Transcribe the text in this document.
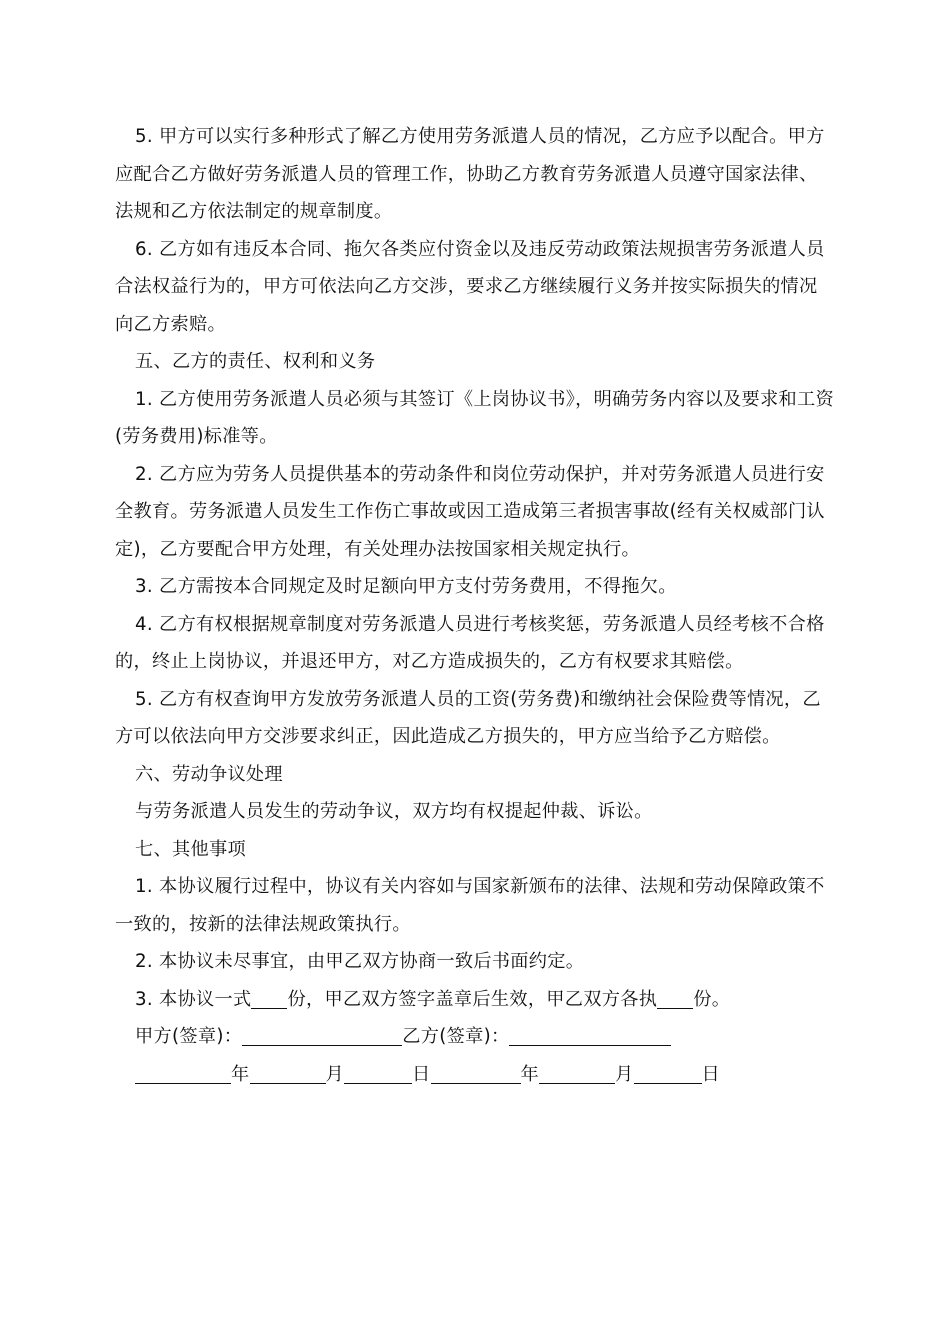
5. 甲方可以实行多种形式了解乙方使用劳务派遣人员的情况，乙方应予以配合。甲方应配合乙方做好劳务派遣人员的管理工作，协助乙方教育劳务派遣人员遵守国家法律、法规和乙方依法制定的规章制度。

6. 乙方如有违反本合同、拖欠各类应付资金以及违反劳动政策法规损害劳务派遣人员合法权益行为的，甲方可依法向乙方交涉，要求乙方继续履行义务并按实际损失的情况向乙方索赔。

五、乙方的责任、权利和义务

1. 乙方使用劳务派遣人员必须与其签订《上岗协议书》，明确劳务内容以及要求和工资(劳务费用)标准等。

2. 乙方应为劳务人员提供基本的劳动条件和岗位劳动保护，并对劳务派遣人员进行安全教育。劳务派遣人员发生工作伤亡事故或因工造成第三者损害事故(经有关权威部门认定)，乙方要配合甲方处理，有关处理办法按国家相关规定执行。

3. 乙方需按本合同规定及时足额向甲方支付劳务费用，不得拖欠。

4. 乙方有权根据规章制度对劳务派遣人员进行考核奖惩，劳务派遣人员经考核不合格的，终止上岗协议，并退还甲方，对乙方造成损失的，乙方有权要求其赔偿。

5. 乙方有权查询甲方发放劳务派遣人员的工资(劳务费)和缴纳社会保险费等情况，乙方可以依法向甲方交涉要求纠正，因此造成乙方损失的，甲方应当给予乙方赔偿。

六、劳动争议处理

与劳务派遣人员发生的劳动争议，双方均有权提起仲裁、诉讼。

七、其他事项

1. 本协议履行过程中，协议有关内容如与国家新颁布的法律、法规和劳动保障政策不一致的，按新的法律法规政策执行。

2. 本协议未尽事宜，由甲乙双方协商一致后书面约定。

3. 本协议一式 份，甲乙双方签字盖章后生效，甲乙双方各执 份。

甲方(签章)：	乙方(签章)：

年	月	日	年	月	日
